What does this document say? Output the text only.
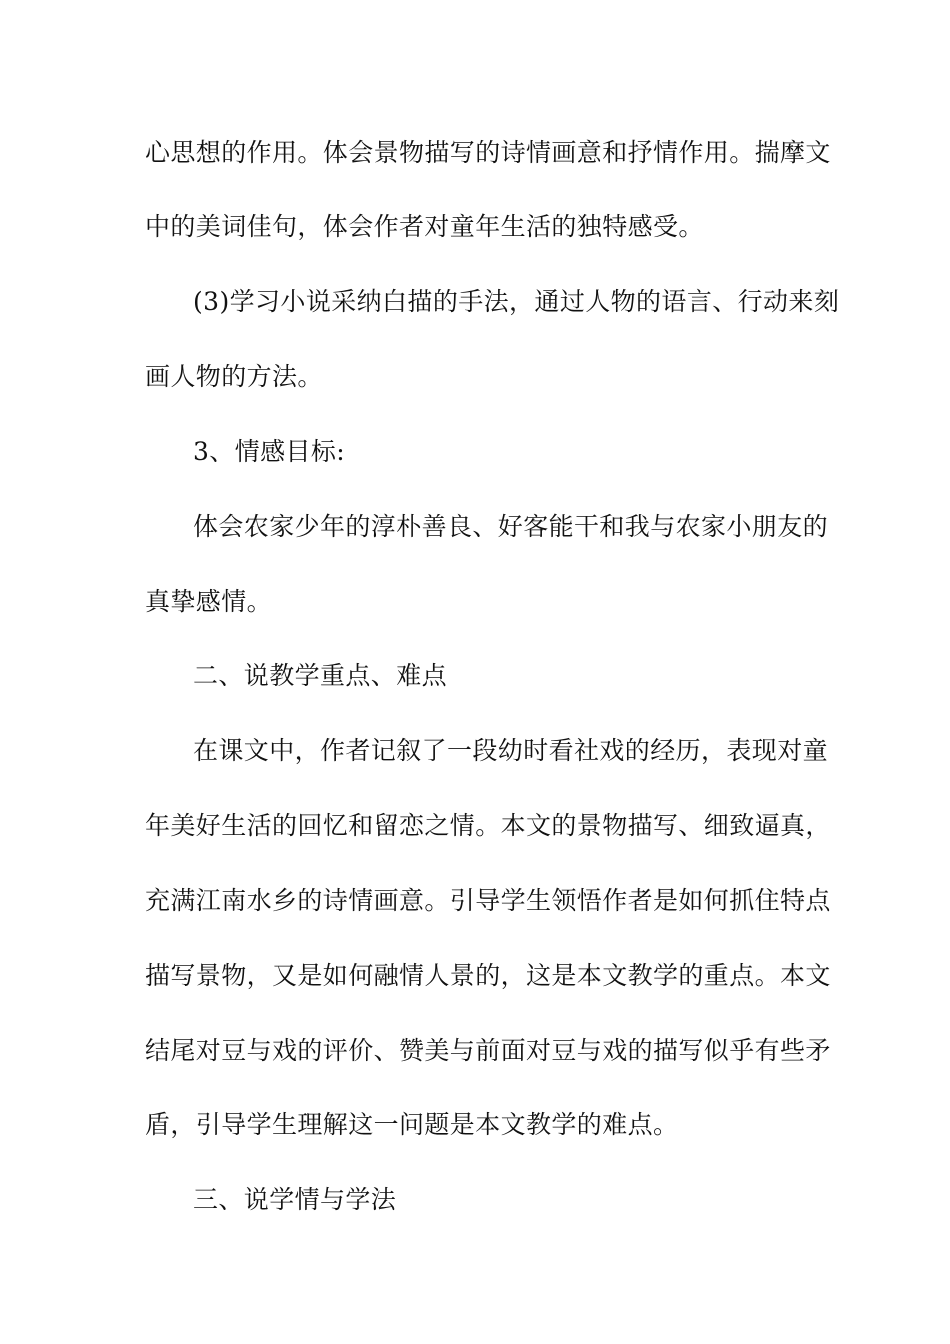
心思想的作用。体会景物描写的诗情画意和抒情作用。揣摩文
中的美词佳句，体会作者对童年生活的独特感受。
(3)学习小说采纳白描的手法，通过人物的语言、行动来刻
画人物的方法。
3、情感目标:
体会农家少年的淳朴善良、好客能干和我与农家小朋友的
真挚感情。
二、说教学重点、难点
在课文中，作者记叙了一段幼时看社戏的经历，表现对童
年美好生活的回忆和留恋之情。本文的景物描写、细致逼真，
充满江南水乡的诗情画意。引导学生领悟作者是如何抓住特点
描写景物，又是如何融情人景的，这是本文教学的重点。本文
结尾对豆与戏的评价、赞美与前面对豆与戏的描写似乎有些矛
盾，引导学生理解这一问题是本文教学的难点。
三、说学情与学法
